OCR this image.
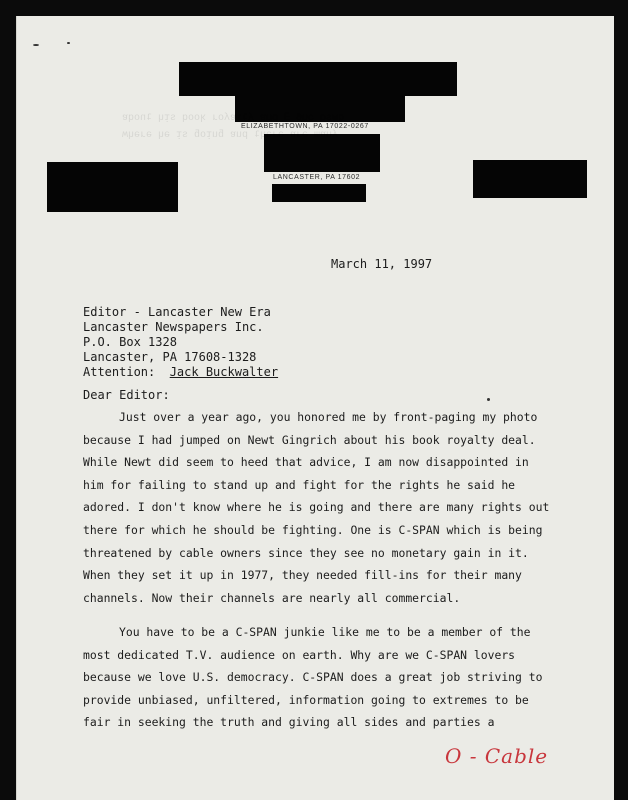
ELIZABETHTOWN, PA 17022-0267
LANCASTER, PA 17602
qwsq ɔu6 ∃ pµɐ ʎʇʅɐʎoɹ ʞooq sᴉɥ ʇnoqɐ
ʎuɐɯ ǝɹɐ ǝɹǝɥʇ puɐ ƃuᴉoƃ sᴉ ǝɥ ǝɹǝɥʍ
March 11, 1997
Editor - Lancaster New Era
Lancaster Newspapers Inc.
P.O. Box 1328
Lancaster, PA 17608-1328
Attention: Jack Buckwalter
Dear Editor:
Just over a year ago, you honored me by front-paging my photo because I had jumped on Newt Gingrich about his book royalty deal. While Newt did seem to heed that advice, I am now disappointed in him for failing to stand up and fight for the rights he said he adored. I don't know where he is going and there are many rights out there for which he should be fighting. One is C-SPAN which is being threatened by cable owners since they see no monetary gain in it. When they set it up in 1977, they needed fill-ins for their many channels. Now their channels are nearly all commercial.
You have to be a C-SPAN junkie like me to be a member of the most dedicated T.V. audience on earth. Why are we C-SPAN lovers because we love U.S. democracy. C-SPAN does a great job striving to provide unbiased, unfiltered, information going to extremes to be fair in seeking the truth and giving all sides and parties a
O - Cable
